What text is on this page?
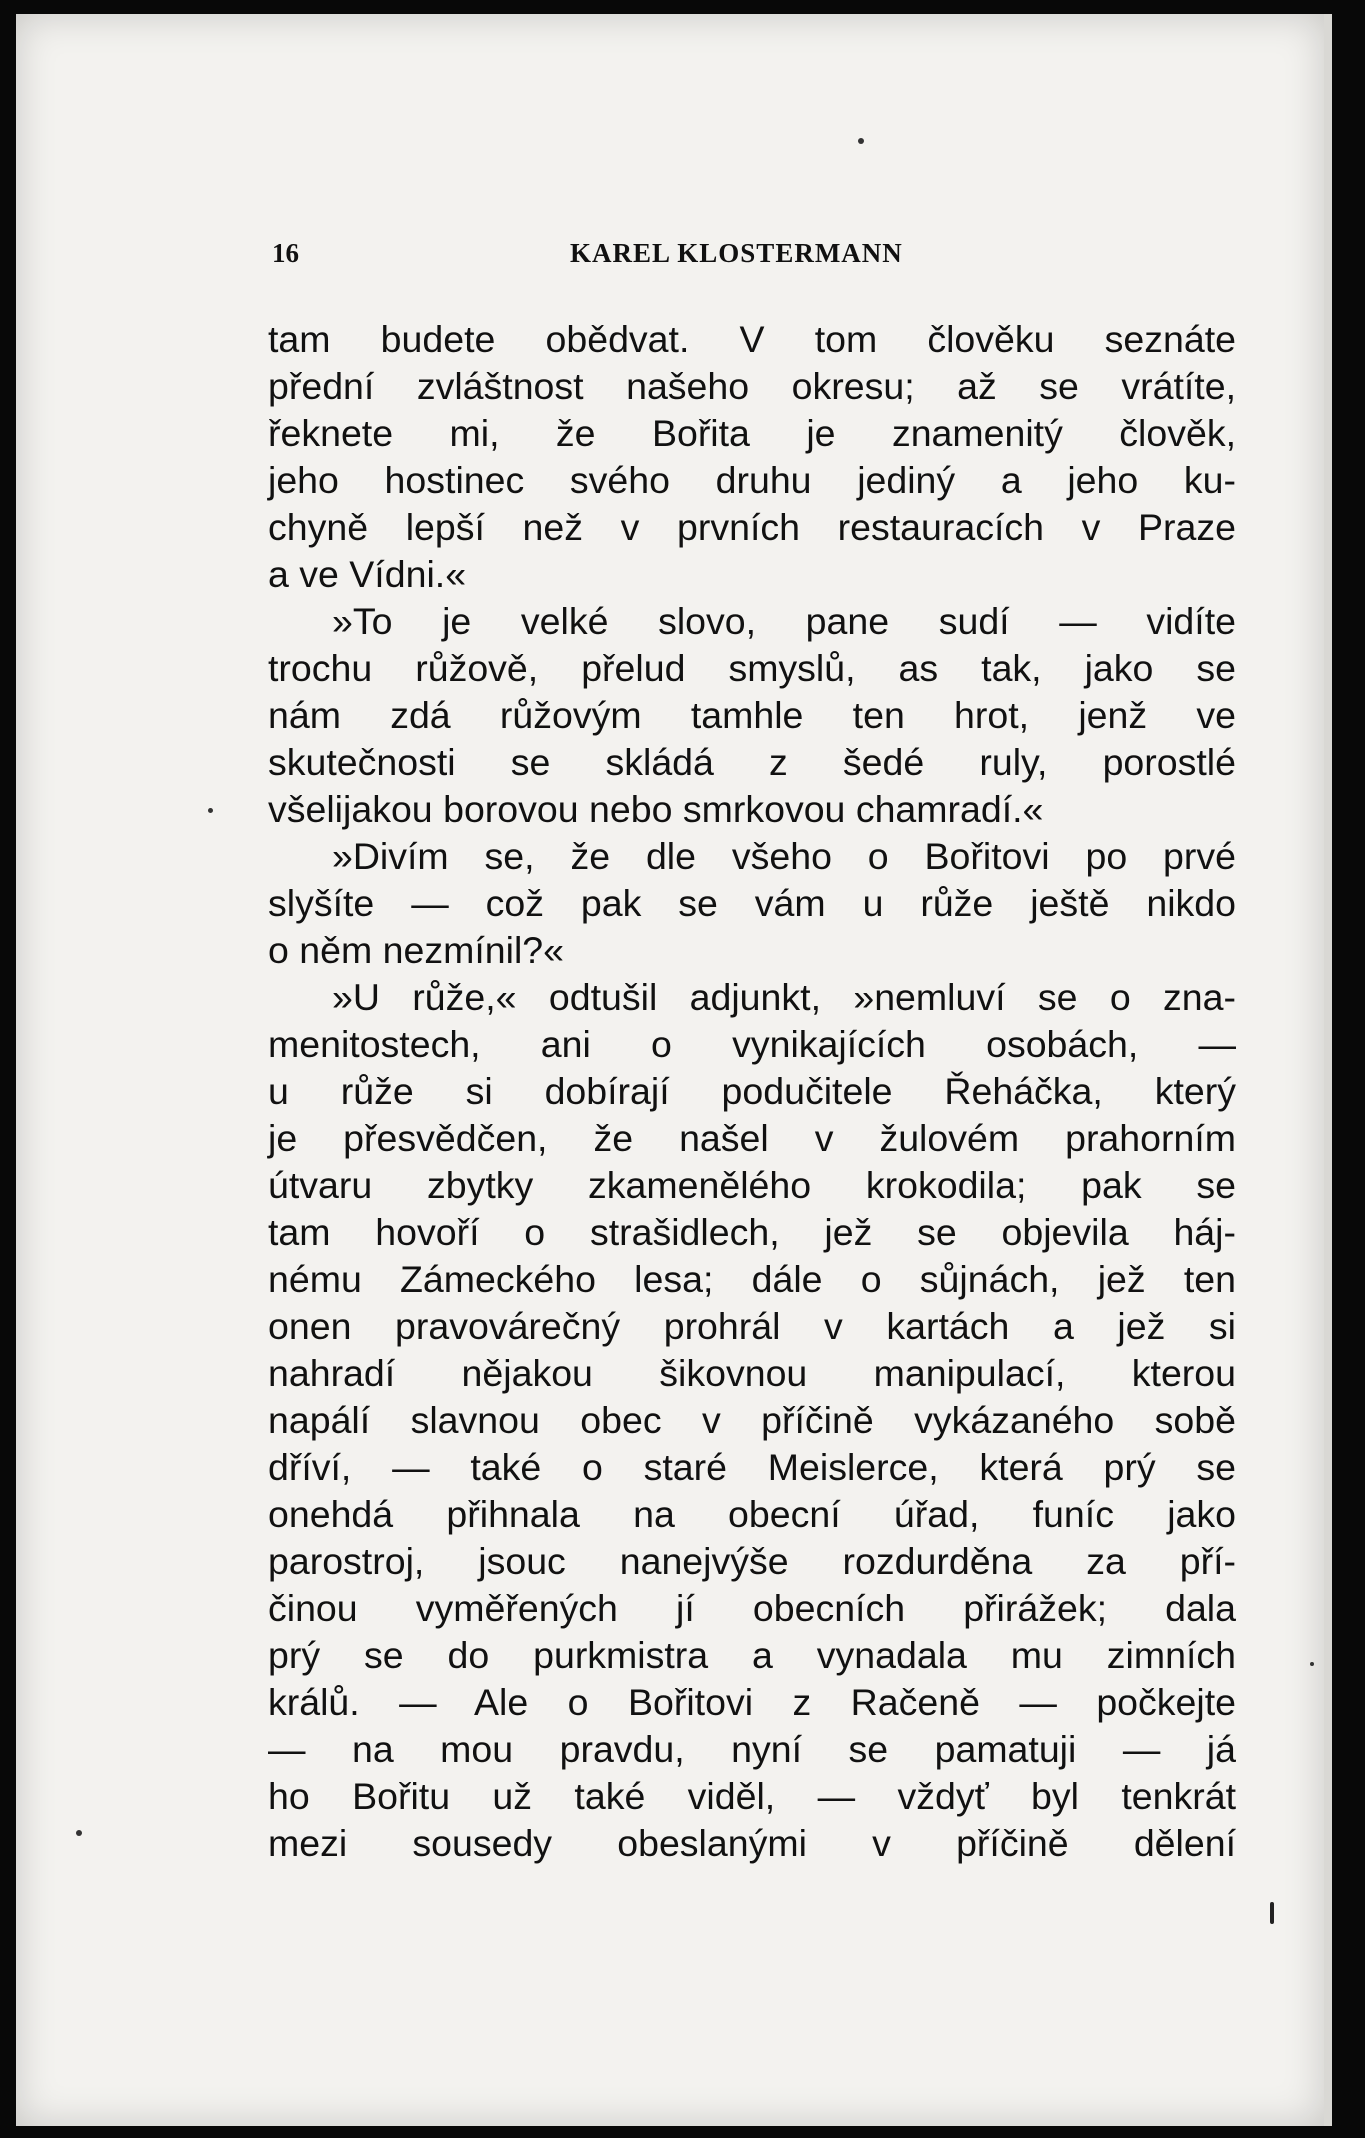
16	KAREL KLOSTERMANN
tam budete obědvat. V tom člověku seznáte
přední zvláštnost našeho okresu; až se vrátíte,
řeknete mi, že Bořita je znamenitý člověk,
jeho hostinec svého druhu jediný a jeho ku-
chyně lepší než v prvních restauracích v Praze
a ve Vídni.«
»To je velké slovo, pane sudí — vidíte
trochu růžově, přelud smyslů, as tak, jako se
nám zdá růžovým tamhle ten hrot, jenž ve
skutečnosti se skládá z šedé ruly, porostlé
všelijakou borovou nebo smrkovou chamradí.«
»Divím se, že dle všeho o Bořitovi po prvé
slyšíte — což pak se vám u růže ještě nikdo
o něm nezmínil?«
»U růže,« odtušil adjunkt, »nemluví se o zna-
menitostech, ani o vynikajících osobách, —
u růže si dobírají podučitele Řeháčka, který
je přesvědčen, že našel v žulovém prahorním
útvaru zbytky zkamenělého krokodila; pak se
tam hovoří o strašidlech, jež se objevila háj-
nému Zámeckého lesa; dále o sůjnách, jež ten
onen pravovárečný prohrál v kartách a jež si
nahradí nějakou šikovnou manipulací, kterou
napálí slavnou obec v příčině vykázaného sobě
dříví, — také o staré Meislerce, která prý se
onehdá přihnala na obecní úřad, funíc jako
parostroj, jsouc nanejvýše rozdurděna za pří-
činou vyměřených jí obecních přirážek; dala
prý se do purkmistra a vynadala mu zimních
králů. — Ale o Bořitovi z Račeně — počkejte
— na mou pravdu, nyní se pamatuji — já
ho Bořitu už také viděl, — vždyť byl tenkrát
mezi sousedy obeslanými v příčině dělení
